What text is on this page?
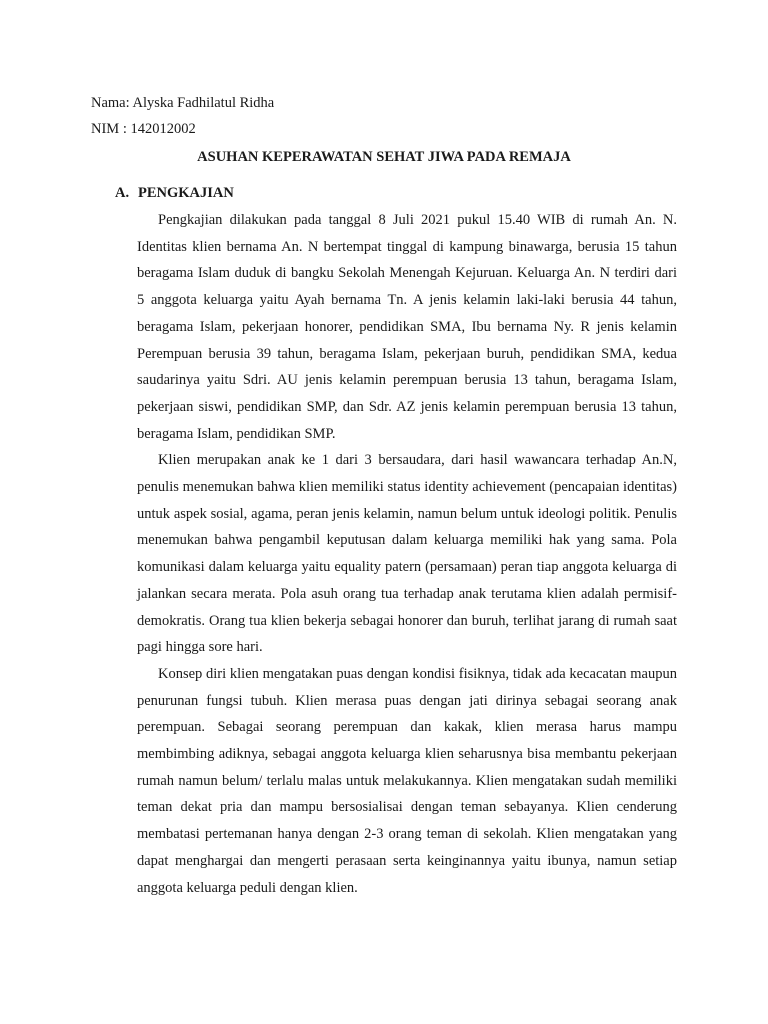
Nama: Alyska Fadhilatul Ridha
NIM : 142012002
ASUHAN KEPERAWATAN SEHAT JIWA PADA REMAJA
A. PENGKAJIAN

Pengkajian dilakukan pada tanggal 8 Juli 2021 pukul 15.40 WIB di rumah An. N. Identitas klien bernama An. N bertempat tinggal di kampung binawarga, berusia 15 tahun beragama Islam duduk di bangku Sekolah Menengah Kejuruan. Keluarga An. N terdiri dari 5 anggota keluarga yaitu Ayah bernama Tn. A jenis kelamin laki-laki berusia 44 tahun, beragama Islam, pekerjaan honorer, pendidikan SMA, Ibu bernama Ny. R jenis kelamin Perempuan berusia 39 tahun, beragama Islam, pekerjaan buruh, pendidikan SMA, kedua saudarinya yaitu Sdri. AU jenis kelamin perempuan berusia 13 tahun, beragama Islam, pekerjaan siswi, pendidikan SMP, dan Sdr. AZ jenis kelamin perempuan berusia 13 tahun, beragama Islam, pendidikan SMP.

Klien merupakan anak ke 1 dari 3 bersaudara, dari hasil wawancara terhadap An.N, penulis menemukan bahwa klien memiliki status identity achievement (pencapaian identitas) untuk aspek sosial, agama, peran jenis kelamin, namun belum untuk ideologi politik. Penulis menemukan bahwa pengambil keputusan dalam keluarga memiliki hak yang sama. Pola komunikasi dalam keluarga yaitu equality patern (persamaan) peran tiap anggota keluarga di jalankan secara merata. Pola asuh orang tua terhadap anak terutama klien adalah permisif-demokratis. Orang tua klien bekerja sebagai honorer dan buruh, terlihat jarang di rumah saat pagi hingga sore hari.

Konsep diri klien mengatakan puas dengan kondisi fisiknya, tidak ada kecacatan maupun penurunan fungsi tubuh. Klien merasa puas dengan jati dirinya sebagai seorang anak perempuan. Sebagai seorang perempuan dan kakak, klien merasa harus mampu membimbing adiknya, sebagai anggota keluarga klien seharusnya bisa membantu pekerjaan rumah namun belum/ terlalu malas untuk melakukannya. Klien mengatakan sudah memiliki teman dekat pria dan mampu bersosialisai dengan teman sebayanya. Klien cenderung membatasi pertemanan hanya dengan 2-3 orang teman di sekolah. Klien mengatakan yang dapat menghargai dan mengerti perasaan serta keinginannya yaitu ibunya, namun setiap anggota keluarga peduli dengan klien.
